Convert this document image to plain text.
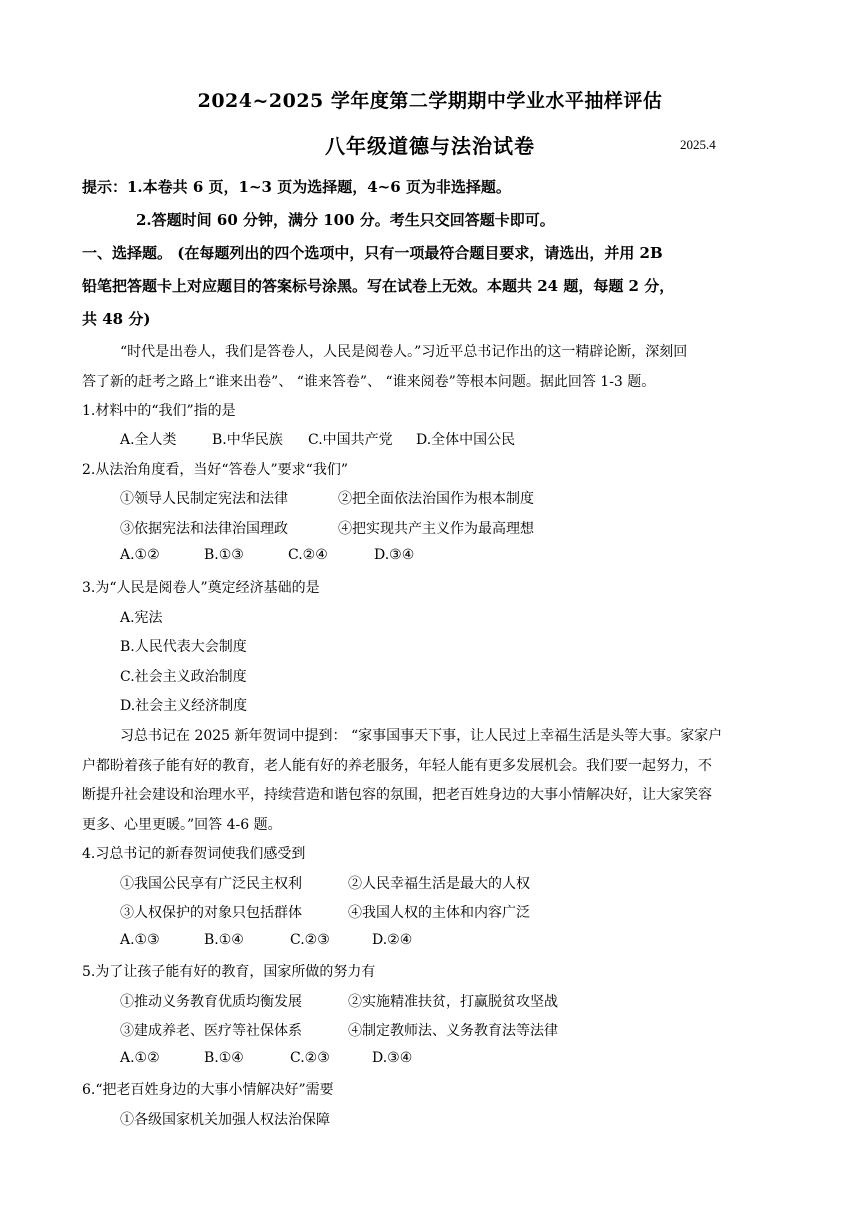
2024~2025 学年度第二学期期中学业水平抽样评估
八年级道德与法治试卷	2025.4
提示：1.本卷共 6 页，1~3 页为选择题，4~6 页为非选择题。
2.答题时间 60 分钟，满分 100 分。考生只交回答题卡即可。
一、选择题。 (在每题列出的四个选项中，只有一项最符合题目要求，请选出，并用 2B
铅笔把答题卡上对应题目的答案标号涂黑。写在试卷上无效。本题共 24 题，每题 2 分，
共 48 分)
“时代是出卷人，我们是答卷人，人民是阅卷人。”习近平总书记作出的这一精辟论断，深刻回
答了新的赶考之路上“谁来出卷”、 “谁来答卷”、 “谁来阅卷”等根本问题。据此回答 1-3 题。
1.材料中的“我们”指的是
A.全人类	B.中华民族 C.中国共产党 D.全体中国公民
2.从法治角度看，当好“答卷人”要求“我们”
①领导人民制定宪法和法律	②把全面依法治国作为根本制度
③依据宪法和法律治国理政	④把实现共产主义作为最高理想
A.①②	B.①③	C.②④	D.③④
3.为“人民是阅卷人”奠定经济基础的是
A.宪法
B.人民代表大会制度
C.社会主义政治制度
D.社会主义经济制度
习总书记在 2025 新年贺词中提到： “家事国事天下事，让人民过上幸福生活是头等大事。家家户
户都盼着孩子能有好的教育，老人能有好的养老服务，年轻人能有更多发展机会。我们要一起努力，不
断提升社会建设和治理水平，持续营造和谐包容的氛围，把老百姓身边的大事小情解决好，让大家笑容
更多、心里更暖。”回答 4-6 题。
4.习总书记的新春贺词使我们感受到
①我国公民享有广泛民主权利	②人民幸福生活是最大的人权
③人权保护的对象只包括群体	④我国人权的主体和内容广泛
A.①③	B.①④	C.②③	D.②④
5.为了让孩子能有好的教育，国家所做的努力有
①推动义务教育优质均衡发展	②实施精准扶贫，打赢脱贫攻坚战
③建成养老、医疗等社保体系	④制定教师法、义务教育法等法律
A.①②	B.①④	C.②③	D.③④
6.“把老百姓身边的大事小情解决好”需要
①各级国家机关加强人权法治保障
